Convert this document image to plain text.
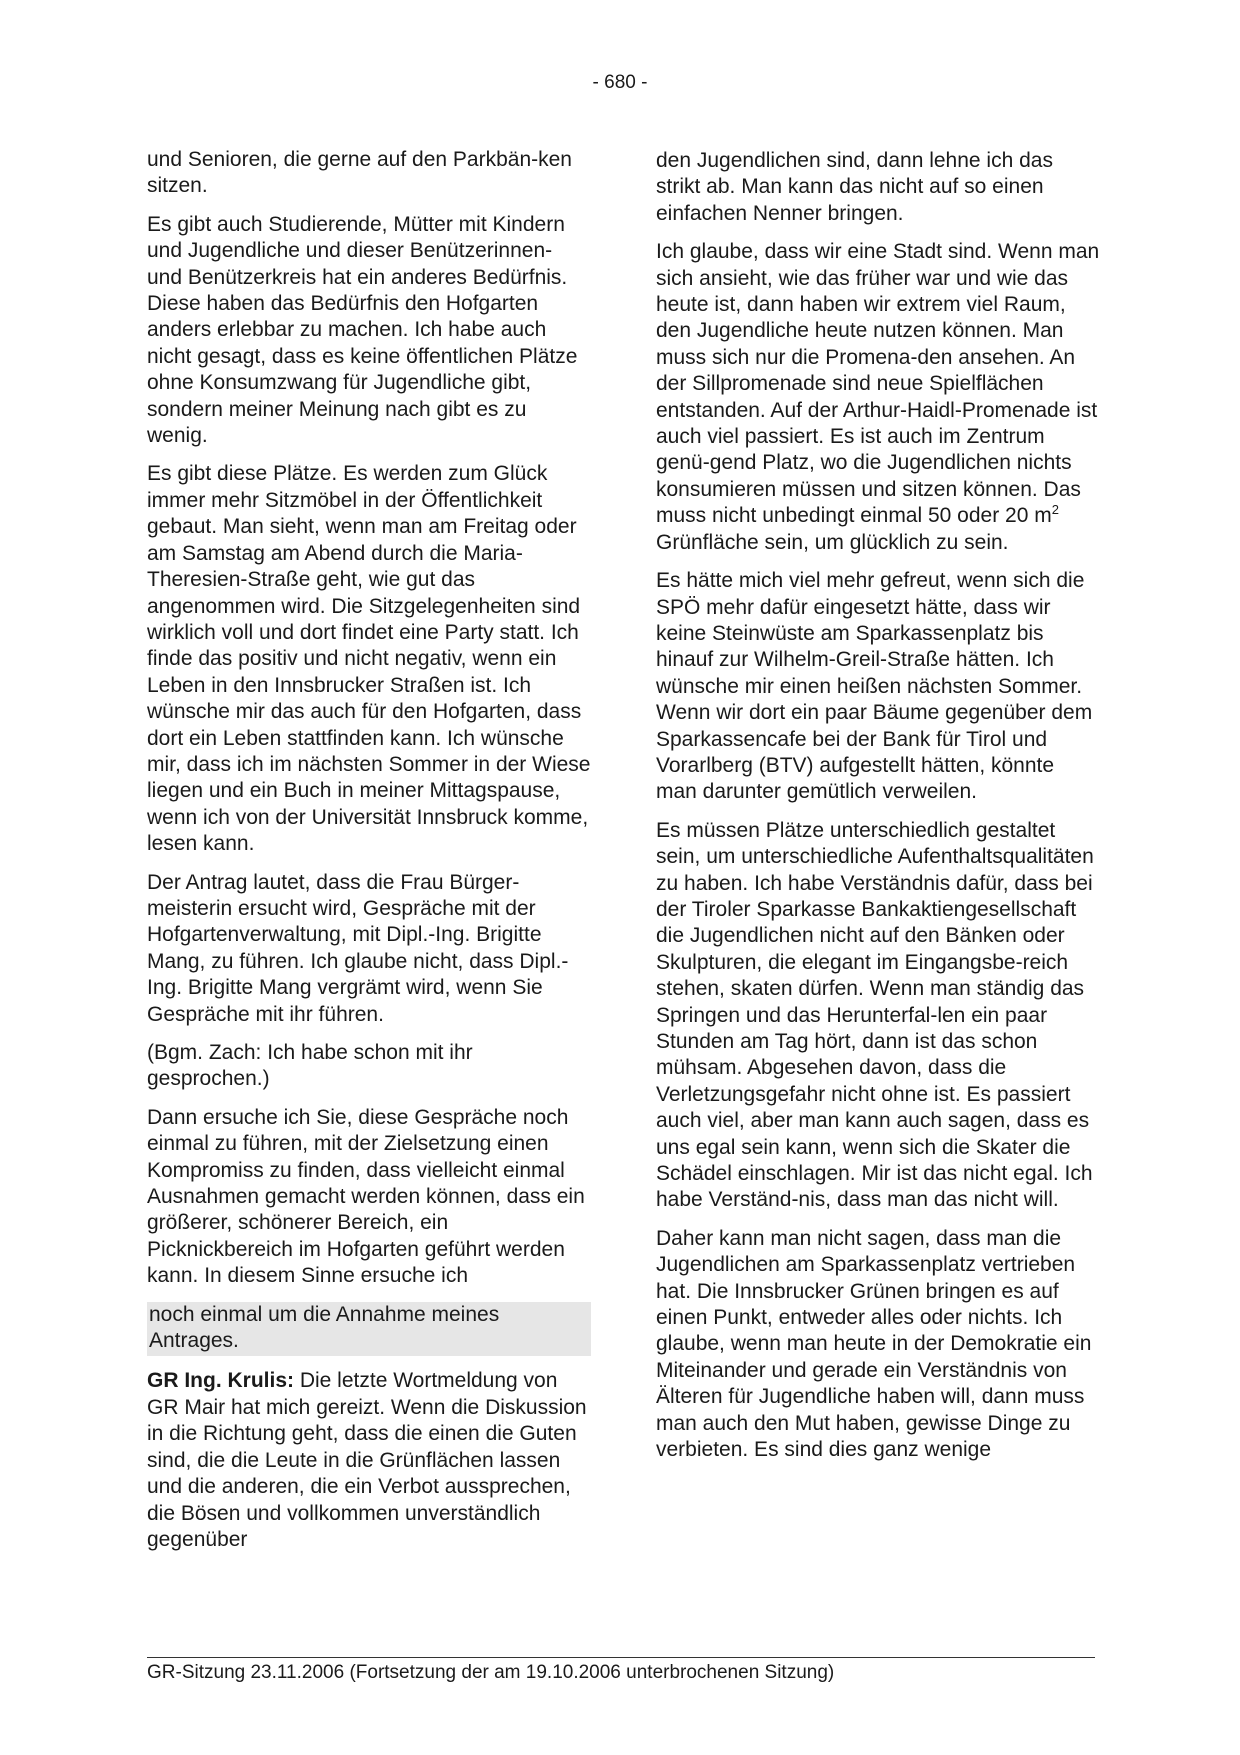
- 680 -

und Senioren, die gerne auf den Parkbän-ken sitzen.

Es gibt auch Studierende, Mütter mit Kindern und Jugendliche und dieser Benützerinnen- und Benützerkreis hat ein anderes Bedürfnis. Diese haben das Bedürfnis den Hofgarten anders erlebbar zu machen. Ich habe auch nicht gesagt, dass es keine öffentlichen Plätze ohne Konsumzwang für Jugendliche gibt, sondern meiner Meinung nach gibt es zu wenig.

Es gibt diese Plätze. Es werden zum Glück immer mehr Sitzmöbel in der Öffentlichkeit gebaut. Man sieht, wenn man am Freitag oder am Samstag am Abend durch die Maria-Theresien-Straße geht, wie gut das angenommen wird. Die Sitzgelegenheiten sind wirklich voll und dort findet eine Party statt. Ich finde das positiv und nicht negativ, wenn ein Leben in den Innsbrucker Straßen ist. Ich wünsche mir das auch für den Hofgarten, dass dort ein Leben stattfinden kann. Ich wünsche mir, dass ich im nächsten Sommer in der Wiese liegen und ein Buch in meiner Mittagspause, wenn ich von der Universität Innsbruck komme, lesen kann.

Der Antrag lautet, dass die Frau Bürger-meisterin ersucht wird, Gespräche mit der Hofgartenverwaltung, mit Dipl.-Ing. Brigitte Mang, zu führen. Ich glaube nicht, dass Dipl.-Ing. Brigitte Mang vergrämt wird, wenn Sie Gespräche mit ihr führen.

(Bgm. Zach: Ich habe schon mit ihr gesprochen.)

Dann ersuche ich Sie, diese Gespräche noch einmal zu führen, mit der Zielsetzung einen Kompromiss zu finden, dass vielleicht einmal Ausnahmen gemacht werden können, dass ein größerer, schönerer Bereich, ein Picknickbereich im Hofgarten geführt werden kann. In diesem Sinne ersuche ich

noch einmal um die Annahme meines Antrages.

GR Ing. Krulis: Die letzte Wortmeldung von GR Mair hat mich gereizt. Wenn die Diskussion in die Richtung geht, dass die einen die Guten sind, die die Leute in die Grünflächen lassen und die anderen, die ein Verbot aussprechen, die Bösen und vollkommen unverständlich gegenüber

den Jugendlichen sind, dann lehne ich das strikt ab. Man kann das nicht auf so einen einfachen Nenner bringen.

Ich glaube, dass wir eine Stadt sind. Wenn man sich ansieht, wie das früher war und wie das heute ist, dann haben wir extrem viel Raum, den Jugendliche heute nutzen können. Man muss sich nur die Promena-den ansehen. An der Sillpromenade sind neue Spielflächen entstanden. Auf der Arthur-Haidl-Promenade ist auch viel passiert. Es ist auch im Zentrum genü-gend Platz, wo die Jugendlichen nichts konsumieren müssen und sitzen können. Das muss nicht unbedingt einmal 50 oder 20 $m^2$ Grünfläche sein, um glücklich zu sein.

Es hätte mich viel mehr gefreut, wenn sich die SPÖ mehr dafür eingesetzt hätte, dass wir keine Steinwüste am Sparkassenplatz bis hinauf zur Wilhelm-Greil-Straße hätten. Ich wünsche mir einen heißen nächsten Sommer. Wenn wir dort ein paar Bäume gegenüber dem Sparkassencafe bei der Bank für Tirol und Vorarlberg (BTV) aufgestellt hätten, könnte man darunter gemütlich verweilen.

Es müssen Plätze unterschiedlich gestaltet sein, um unterschiedliche Aufenthaltsqualitäten zu haben. Ich habe Verständnis dafür, dass bei der Tiroler Sparkasse Bankaktiengesellschaft die Jugendlichen nicht auf den Bänken oder Skulpturen, die elegant im Eingangsbe-reich stehen, skaten dürfen. Wenn man ständig das Springen und das Herunterfal-len ein paar Stunden am Tag hört, dann ist das schon mühsam. Abgesehen davon, dass die Verletzungsgefahr nicht ohne ist. Es passiert auch viel, aber man kann auch sagen, dass es uns egal sein kann, wenn sich die Skater die Schädel einschlagen. Mir ist das nicht egal. Ich habe Verständ-nis, dass man das nicht will.

Daher kann man nicht sagen, dass man die Jugendlichen am Sparkassenplatz vertrieben hat. Die Innsbrucker Grünen bringen es auf einen Punkt, entweder alles oder nichts. Ich glaube, wenn man heute in der Demokratie ein Miteinander und gerade ein Verständnis von Älteren für Jugendliche haben will, dann muss man auch den Mut haben, gewisse Dinge zu verbieten. Es sind dies ganz wenige

GR-Sitzung 23.11.2006 (Fortsetzung der am 19.10.2006 unterbrochenen Sitzung)
